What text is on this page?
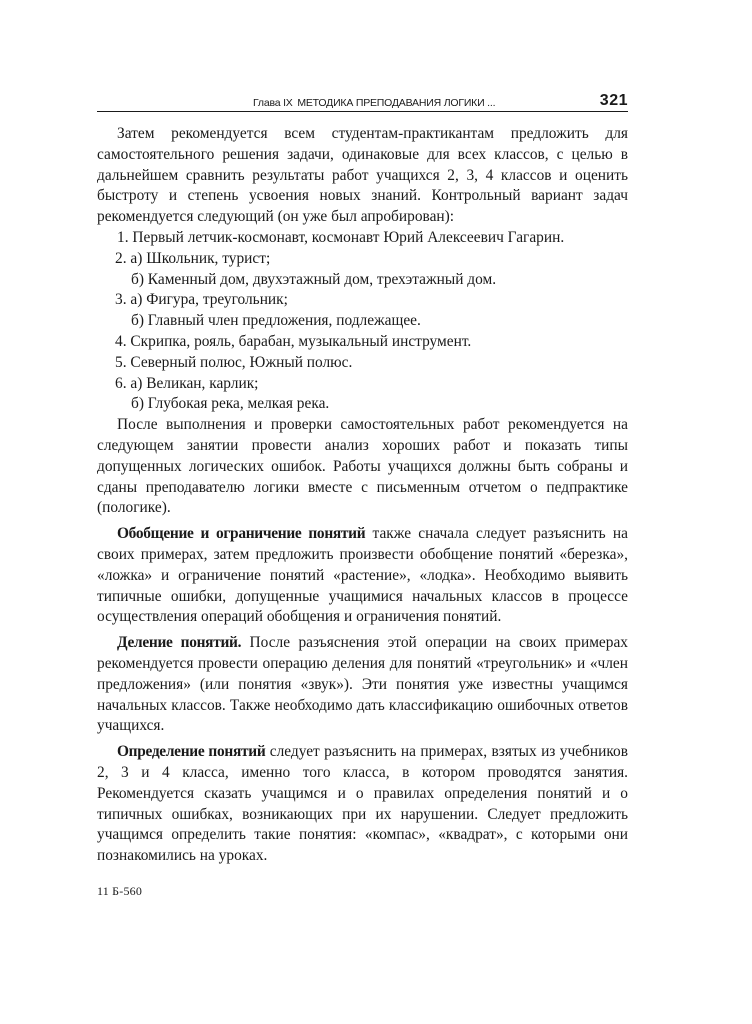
Глава IX МЕТОДИКА ПРЕПОДАВАНИЯ ЛОГИКИ ...	321

Затем рекомендуется всем студентам-практикантам предложить для самостоятельного решения задачи, одинаковые для всех классов, с целью в дальнейшем сравнить результаты работ учащихся 2, 3, 4 классов и оценить быстроту и степень усвоения новых знаний. Контрольный вариант задач рекомендуется следующий (он уже был апробирован):

1. Первый летчик-космонавт, космонавт Юрий Алексеевич Гагарин.
2. а) Школьник, турист;
б) Каменный дом, двухэтажный дом, трехэтажный дом.
3. а) Фигура, треугольник;
б) Главный член предложения, подлежащее.
4. Скрипка, рояль, барабан, музыкальный инструмент.
5. Северный полюс, Южный полюс.
6. а) Великан, карлик;
б) Глубокая река, мелкая река.

После выполнения и проверки самостоятельных работ рекомендуется на следующем занятии провести анализ хороших работ и показать типы допущенных логических ошибок. Работы учащихся должны быть собраны и сданы преподавателю логики вместе с письменным отчетом о педпрактике (пологике).

Обобщение и ограничение понятий также сначала следует разъяснить на своих примерах, затем предложить произвести обобщение понятий «березка», «ложка» и ограничение понятий «растение», «лодка». Необходимо выявить типичные ошибки, допущенные учащимися начальных классов в процессе осуществления операций обобщения и ограничения понятий.

Деление понятий. После разъяснения этой операции на своих примерах рекомендуется провести операцию деления для понятий «треугольник» и «член предложения» (или понятия «звук»). Эти понятия уже известны учащимся начальных классов. Также необходимо дать классификацию ошибочных ответов учащихся.

Определение понятий следует разъяснить на примерах, взятых из учебников 2, 3 и 4 класса, именно того класса, в котором проводятся занятия. Рекомендуется сказать учащимся и о правилах определения понятий и о типичных ошибках, возникающих при их нарушении. Следует предложить учащимся определить такие понятия: «компас», «квадрат», с которыми они познакомились на уроках.

11 Б-560
